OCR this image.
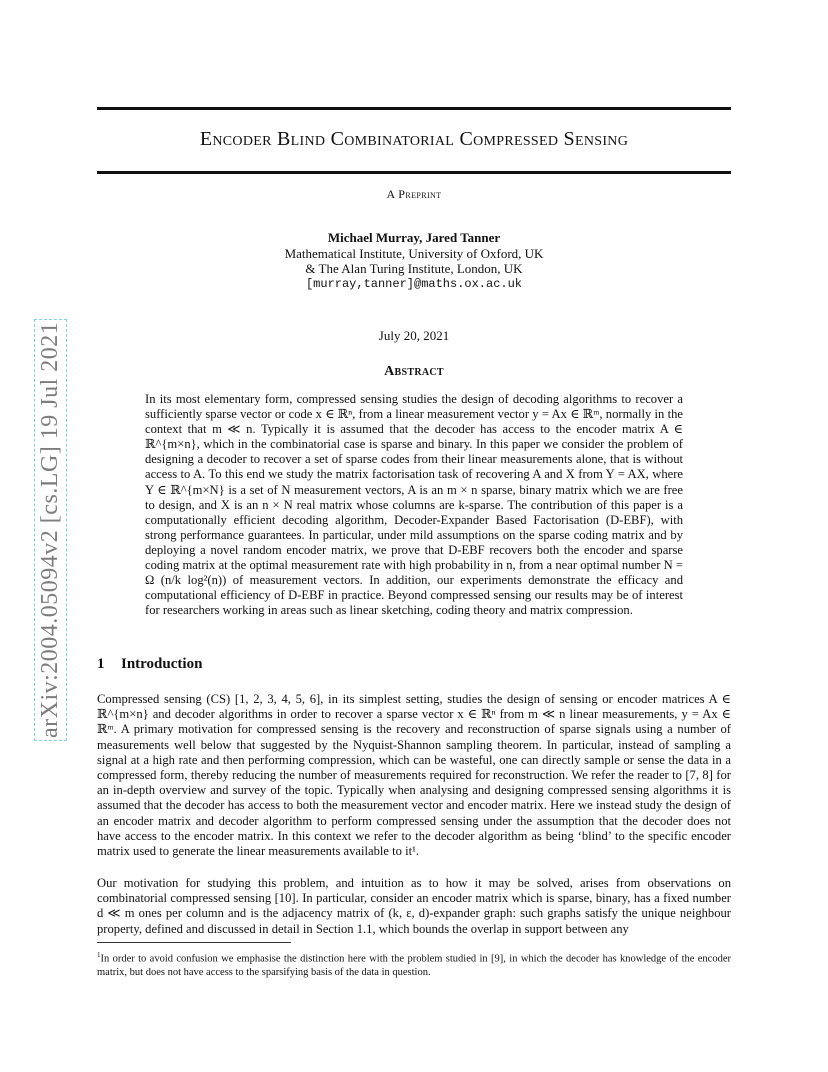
arXiv:2004.05094v2 [cs.LG] 19 Jul 2021
Encoder Blind Combinatorial Compressed Sensing
A Preprint
Michael Murray, Jared Tanner
Mathematical Institute, University of Oxford, UK
& The Alan Turing Institute, London, UK
[murray,tanner]@maths.ox.ac.uk
July 20, 2021
Abstract
In its most elementary form, compressed sensing studies the design of decoding algorithms to recover a sufficiently sparse vector or code x ∈ ℝⁿ, from a linear measurement vector y = Ax ∈ ℝᵐ, normally in the context that m ≪ n. Typically it is assumed that the decoder has access to the encoder matrix A ∈ ℝ^{m×n}, which in the combinatorial case is sparse and binary. In this paper we consider the problem of designing a decoder to recover a set of sparse codes from their linear measurements alone, that is without access to A. To this end we study the matrix factorisation task of recovering A and X from Y = AX, where Y ∈ ℝ^{m×N} is a set of N measurement vectors, A is an m × n sparse, binary matrix which we are free to design, and X is an n × N real matrix whose columns are k-sparse. The contribution of this paper is a computationally efficient decoding algorithm, Decoder-Expander Based Factorisation (D-EBF), with strong performance guarantees. In particular, under mild assumptions on the sparse coding matrix and by deploying a novel random encoder matrix, we prove that D-EBF recovers both the encoder and sparse coding matrix at the optimal measurement rate with high probability in n, from a near optimal number N = Ω (n/k log²(n)) of measurement vectors. In addition, our experiments demonstrate the efficacy and computational efficiency of D-EBF in practice. Beyond compressed sensing our results may be of interest for researchers working in areas such as linear sketching, coding theory and matrix compression.
1 Introduction
Compressed sensing (CS) [1, 2, 3, 4, 5, 6], in its simplest setting, studies the design of sensing or encoder matrices A ∈ ℝ^{m×n} and decoder algorithms in order to recover a sparse vector x ∈ ℝⁿ from m ≪ n linear measurements, y = Ax ∈ ℝᵐ. A primary motivation for compressed sensing is the recovery and reconstruction of sparse signals using a number of measurements well below that suggested by the Nyquist-Shannon sampling theorem. In particular, instead of sampling a signal at a high rate and then performing compression, which can be wasteful, one can directly sample or sense the data in a compressed form, thereby reducing the number of measurements required for reconstruction. We refer the reader to [7, 8] for an in-depth overview and survey of the topic. Typically when analysing and designing compressed sensing algorithms it is assumed that the decoder has access to both the measurement vector and encoder matrix. Here we instead study the design of an encoder matrix and decoder algorithm to perform compressed sensing under the assumption that the decoder does not have access to the encoder matrix. In this context we refer to the decoder algorithm as being ‘blind’ to the specific encoder matrix used to generate the linear measurements available to it¹.
Our motivation for studying this problem, and intuition as to how it may be solved, arises from observations on combinatorial compressed sensing [10]. In particular, consider an encoder matrix which is sparse, binary, has a fixed number d ≪ m ones per column and is the adjacency matrix of (k, ε, d)-expander graph: such graphs satisfy the unique neighbour property, defined and discussed in detail in Section 1.1, which bounds the overlap in support between any
$^1$In order to avoid confusion we emphasise the distinction here with the problem studied in [9], in which the decoder has knowledge of the encoder matrix, but does not have access to the sparsifying basis of the data in question.
